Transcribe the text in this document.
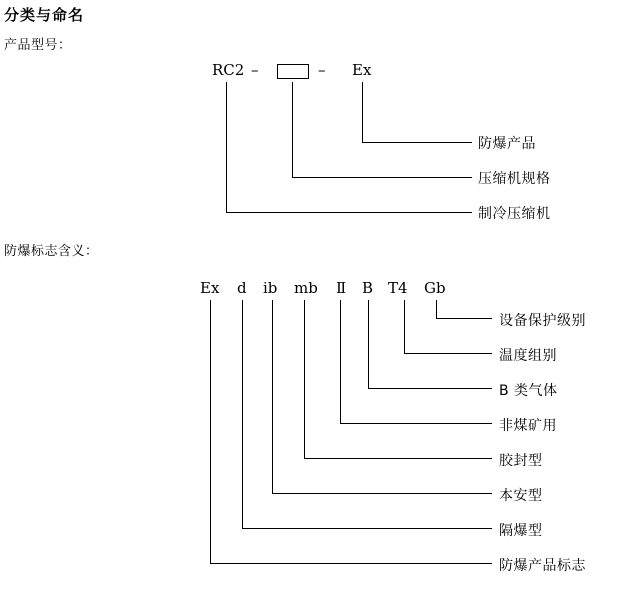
分类与命名
产品型号：
RC2 –	– Ex
防爆产品
压缩机规格
制冷压缩机
防爆标志含义：
Ex d ib mb Ⅱ B T4 Gb
设备保护级别
温度组别
B 类气体
非煤矿用
胶封型
本安型
隔爆型
防爆产品标志
